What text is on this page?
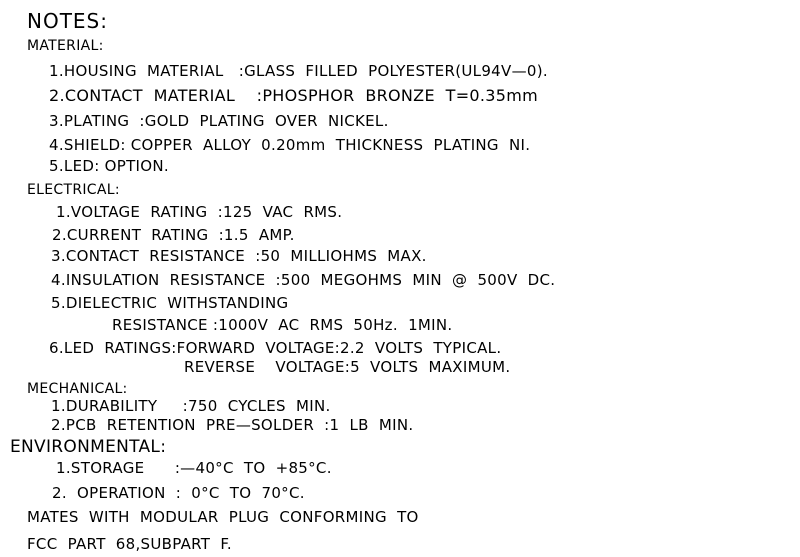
NOTES:
MATERIAL:
1.HOUSING  MATERIAL   :GLASS  FILLED  POLYESTER(UL94V—0).
2.CONTACT  MATERIAL    :PHOSPHOR  BRONZE  T=0.35mm
3.PLATING  :GOLD  PLATING  OVER  NICKEL.
4.SHIELD: COPPER  ALLOY  0.20mm  THICKNESS  PLATING  NI.
5.LED: OPTION.
ELECTRICAL:
1.VOLTAGE  RATING  :125  VAC  RMS.
2.CURRENT  RATING  :1.5  AMP.
3.CONTACT  RESISTANCE  :50  MILLIOHMS  MAX.
4.INSULATION  RESISTANCE  :500  MEGOHMS  MIN  @  500V  DC.
5.DIELECTRIC  WITHSTANDING
RESISTANCE :1000V  AC  RMS  50Hz.  1MIN.
6.LED  RATINGS:FORWARD  VOLTAGE:2.2  VOLTS  TYPICAL.
REVERSE    VOLTAGE:5  VOLTS  MAXIMUM.
MECHANICAL:
1.DURABILITY     :750  CYCLES  MIN.
2.PCB  RETENTION  PRE—SOLDER  :1  LB  MIN.
ENVIRONMENTAL:
1.STORAGE      :—40°C  TO  +85°C.
2.  OPERATION  :  0°C  TO  70°C.
MATES  WITH  MODULAR  PLUG  CONFORMING  TO
FCC  PART  68,SUBPART  F.
